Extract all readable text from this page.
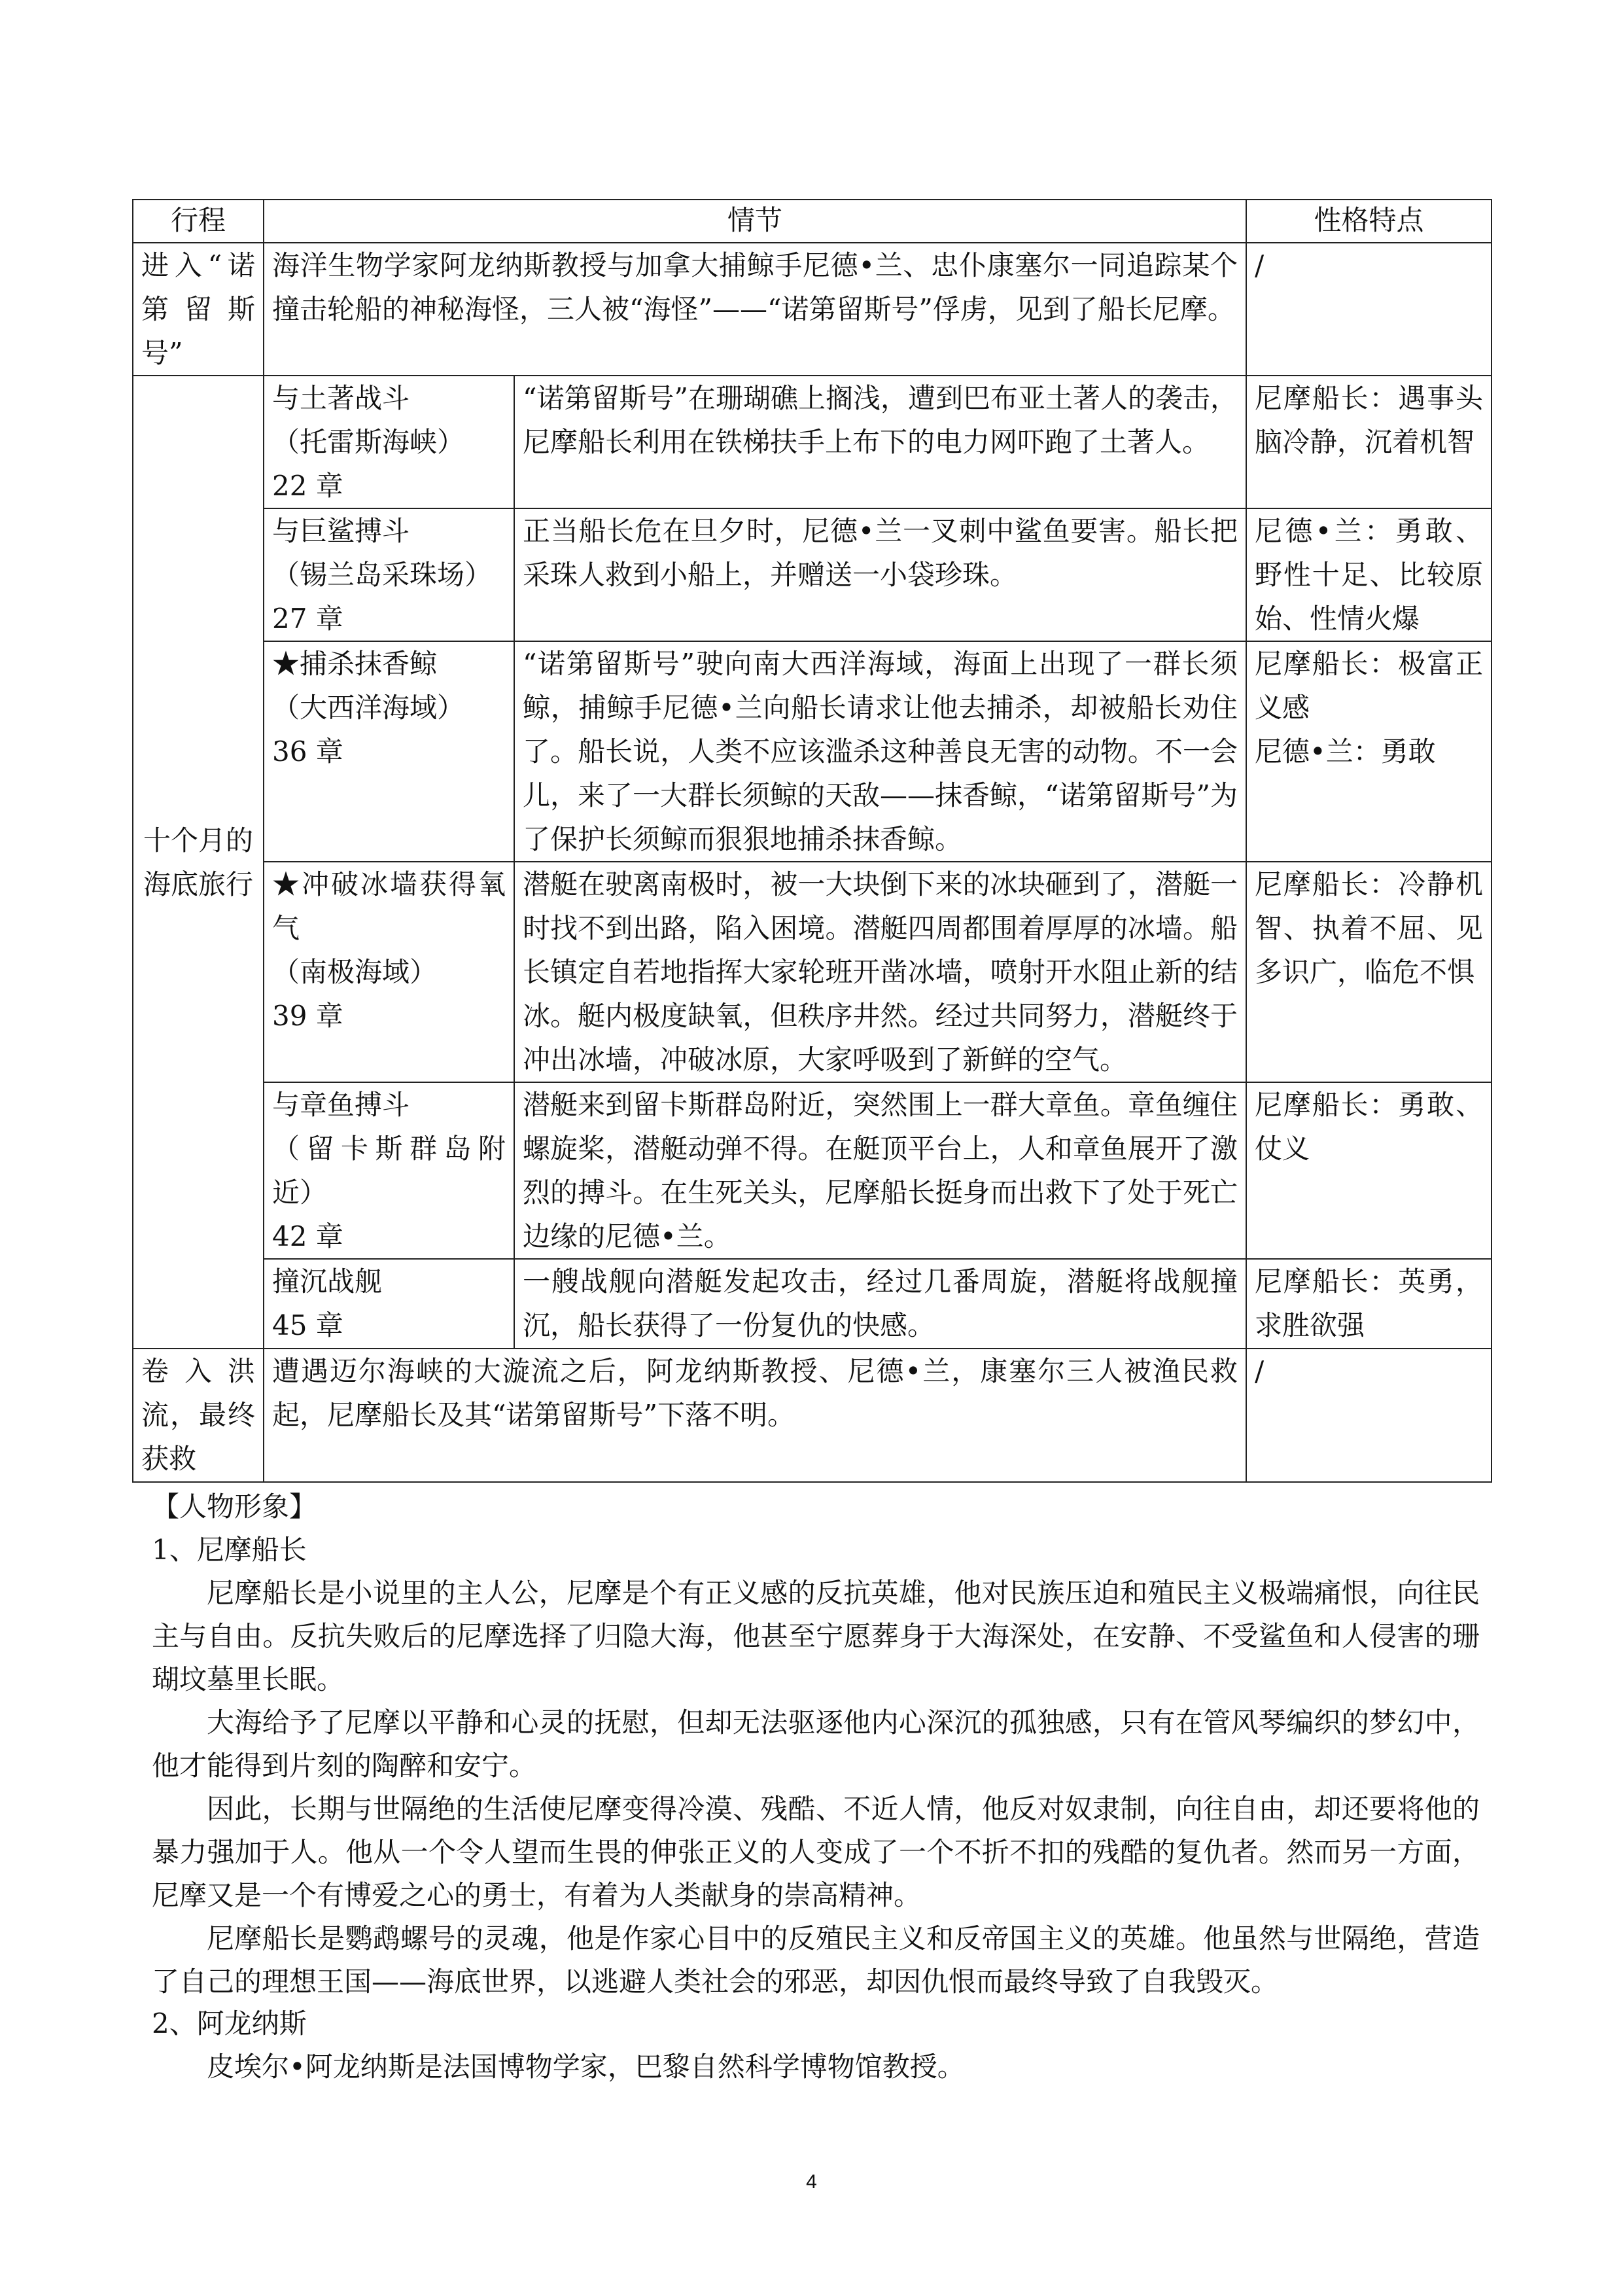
行程	情节		性格特点
进入“诺第留斯号”	海洋生物学家阿龙纳斯教授与加拿大捕鲸手尼德•兰、忠仆康塞尔一同追踪某个撞击轮船的神秘海怪，三人被“海怪”——“诺第留斯号”俘虏，见到了船长尼摩。		/
十个月的海底旅行	与土著战斗
（托雷斯海峡）
22 章	“诺第留斯号”在珊瑚礁上搁浅，遭到巴布亚土著人的袭击，尼摩船长利用在铁梯扶手上布下的电力网吓跑了土著人。	尼摩船长：遇事头脑冷静，沉着机智
	与巨鲨搏斗
（锡兰岛采珠场）
27 章	正当船长危在旦夕时，尼德•兰一叉刺中鲨鱼要害。船长把采珠人救到小船上，并赠送一小袋珍珠。	尼德•兰：勇敢、野性十足、比较原始、性情火爆
	★捕杀抹香鲸
（大西洋海域）
36 章	“诺第留斯号”驶向南大西洋海域，海面上出现了一群长须鲸，捕鲸手尼德•兰向船长请求让他去捕杀，却被船长劝住了。船长说，人类不应该滥杀这种善良无害的动物。不一会儿，来了一大群长须鲸的天敌——抹香鲸，“诺第留斯号”为了保护长须鲸而狠狠地捕杀抹香鲸。	尼摩船长：极富正义感
尼德•兰：勇敢
	★冲破冰墙获得氧气
（南极海域）
39 章	潜艇在驶离南极时，被一大块倒下来的冰块砸到了，潜艇一时找不到出路，陷入困境。潜艇四周都围着厚厚的冰墙。船长镇定自若地指挥大家轮班开凿冰墙，喷射开水阻止新的结冰。艇内极度缺氧，但秩序井然。经过共同努力，潜艇终于冲出冰墙，冲破冰原，大家呼吸到了新鲜的空气。	尼摩船长：冷静机智、执着不屈、见多识广，临危不惧
	与章鱼搏斗
（留卡斯群岛附近）
42 章	潜艇来到留卡斯群岛附近，突然围上一群大章鱼。章鱼缠住螺旋桨，潜艇动弹不得。在艇顶平台上，人和章鱼展开了激烈的搏斗。在生死关头，尼摩船长挺身而出救下了处于死亡边缘的尼德•兰。	尼摩船长：勇敢、仗义
	撞沉战舰
45 章	一艘战舰向潜艇发起攻击，经过几番周旋，潜艇将战舰撞沉，船长获得了一份复仇的快感。	尼摩船长：英勇，求胜欲强
卷入洪流，最终获救	遭遇迈尔海峡的大漩流之后，阿龙纳斯教授、尼德•兰，康塞尔三人被渔民救起，尼摩船长及其“诺第留斯号”下落不明。		/
【人物形象】
1、尼摩船长

尼摩船长是小说里的主人公，尼摩是个有正义感的反抗英雄，他对民族压迫和殖民主义极端痛恨，向往民主与自由。反抗失败后的尼摩选择了归隐大海，他甚至宁愿葬身于大海深处，在安静、不受鲨鱼和人侵害的珊瑚坟墓里长眠。

大海给予了尼摩以平静和心灵的抚慰，但却无法驱逐他内心深沉的孤独感，只有在管风琴编织的梦幻中，他才能得到片刻的陶醉和安宁。

因此，长期与世隔绝的生活使尼摩变得冷漠、残酷、不近人情，他反对奴隶制，向往自由，却还要将他的暴力强加于人。他从一个令人望而生畏的伸张正义的人变成了一个不折不扣的残酷的复仇者。然而另一方面，尼摩又是一个有博爱之心的勇士，有着为人类献身的崇高精神。

尼摩船长是鹦鹉螺号的灵魂，他是作家心目中的反殖民主义和反帝国主义的英雄。他虽然与世隔绝，营造了自己的理想王国——海底世界，以逃避人类社会的邪恶，却因仇恨而最终导致了自我毁灭。

2、阿龙纳斯

皮埃尔•阿龙纳斯是法国博物学家，巴黎自然科学博物馆教授。

4
